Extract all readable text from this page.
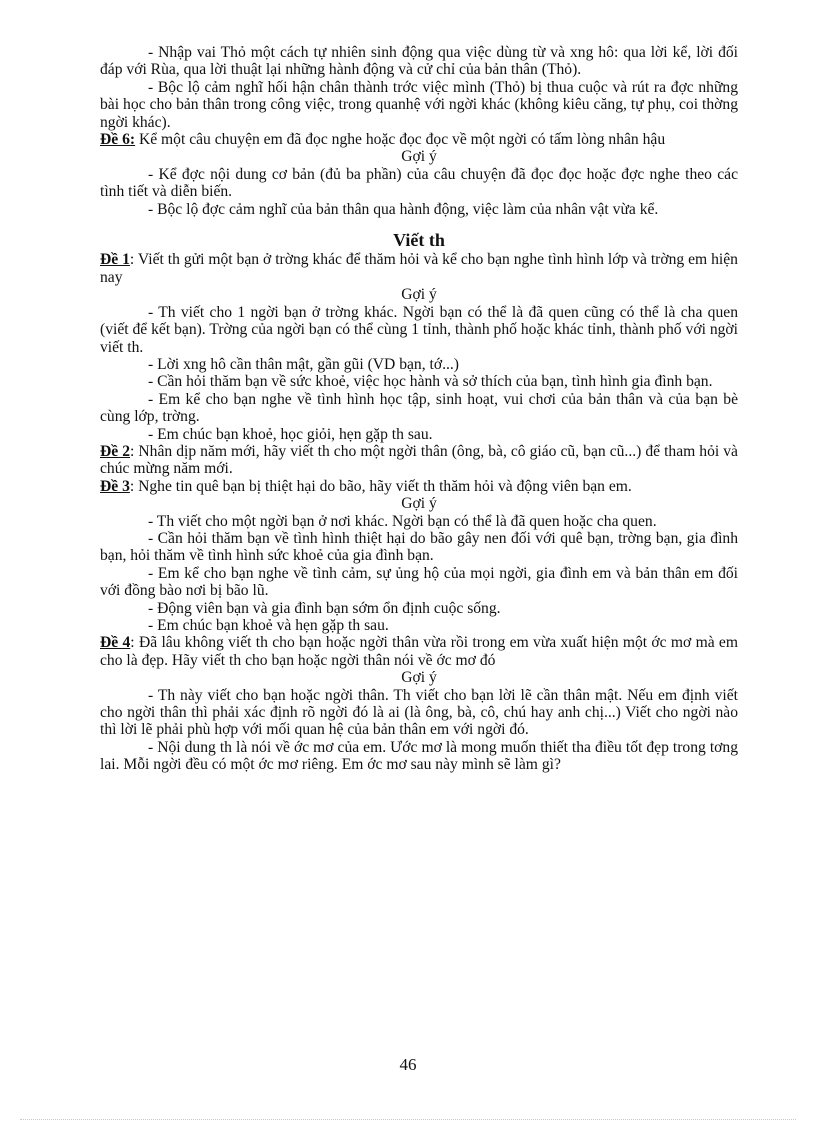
- Nhập vai Thỏ một cách tự nhiên sinh động qua việc dùng từ và xng hô: qua lời kể, lời đối đáp với Rùa, qua lời thuật lại những hành động và cử chỉ của bản thân (Thỏ).

- Bộc lộ cảm nghĩ hối hận chân thành trớc việc mình (Thỏ) bị thua cuộc và rút ra đợc những bài học cho bản thân trong công việc, trong quanhệ với ngời khác (không kiêu căng, tự phụ, coi thờng ngời khác).

Đề 6: Kể một câu chuyện em đã đọc nghe hoặc đọc đọc về một ngời có tấm lòng nhân hậu

Gợi ý

- Kể đợc nội dung cơ bản (đủ ba phần) của câu chuyện đã đọc đọc hoặc đợc nghe theo các tình tiết và diễn biến.

- Bộc lộ đợc cảm nghĩ của bản thân qua hành động, việc làm của nhân vật vừa kể.

Viết th

Đề 1: Viết th gửi một bạn ở trờng khác để thăm hỏi và kể cho bạn nghe tình hình lớp và trờng em hiện nay

Gợi ý

- Th viết cho 1 ngời bạn ở trờng khác. Ngời bạn có thể là đã quen cũng có thể là cha quen (viết để kết bạn). Trờng của ngời bạn có thể cùng 1 tỉnh, thành phố hoặc khác tỉnh, thành phố với ngời viết th.

- Lời xng hô cần thân mật, gần gũi (VD bạn, tớ...)

- Cần hỏi thăm bạn về sức khoẻ, việc học hành và sở thích của bạn, tình hình gia đình bạn.

- Em kể cho bạn nghe về tình hình học tập, sinh hoạt, vui chơi của bản thân và của bạn bè cùng lớp, trờng.

- Em chúc bạn khoẻ, học giỏi, hẹn gặp th sau.

Đề 2: Nhân dịp năm mới, hãy viết th cho một ngời thân (ông, bà, cô giáo cũ, bạn cũ...) để tham hỏi và chúc mừng năm mới.

Đề 3: Nghe tin quê bạn bị thiệt hại do bão, hãy viết th thăm hỏi và động viên bạn em.

Gợi ý

- Th viết cho một ngời bạn ở nơi khác. Ngời bạn có thể là đã quen hoặc cha quen.

- Cần hỏi thăm bạn về tình hình thiệt hại do bão gây nen đối với quê bạn, trờng bạn, gia đình bạn, hỏi thăm về tình hình sức khoẻ của gia đình bạn.

- Em kể cho bạn nghe về tình cảm, sự ủng hộ của mọi ngời, gia đình em và bản thân em đối với đồng bào nơi bị bão lũ.

- Động viên bạn và gia đình bạn sớm ổn định cuộc sống.

- Em chúc bạn khoẻ và hẹn gặp th sau.

Đề 4: Đã lâu không viết th cho bạn hoặc ngời thân vừa rồi trong em vừa xuất hiện một ớc mơ mà em cho là đẹp. Hãy viết th cho bạn hoặc ngời thân nói về ớc mơ đó

Gợi ý

- Th này viết cho bạn hoặc ngời thân. Th viết cho bạn lời lẽ cần thân mật. Nếu em định viết cho ngời thân thì phải xác định rõ ngời đó là ai (là ông, bà, cô, chú hay anh chị...) Viết cho ngời nào thì lời lẽ phải phù hợp với mối quan hệ của bản thân em với ngời đó.

- Nội dung th là nói về ớc mơ của em. Ước mơ là mong muốn thiết tha điều tốt đẹp trong tơng lai. Mỗi ngời đều có một ớc mơ riêng. Em ớc mơ sau này mình sẽ làm gì?

46
